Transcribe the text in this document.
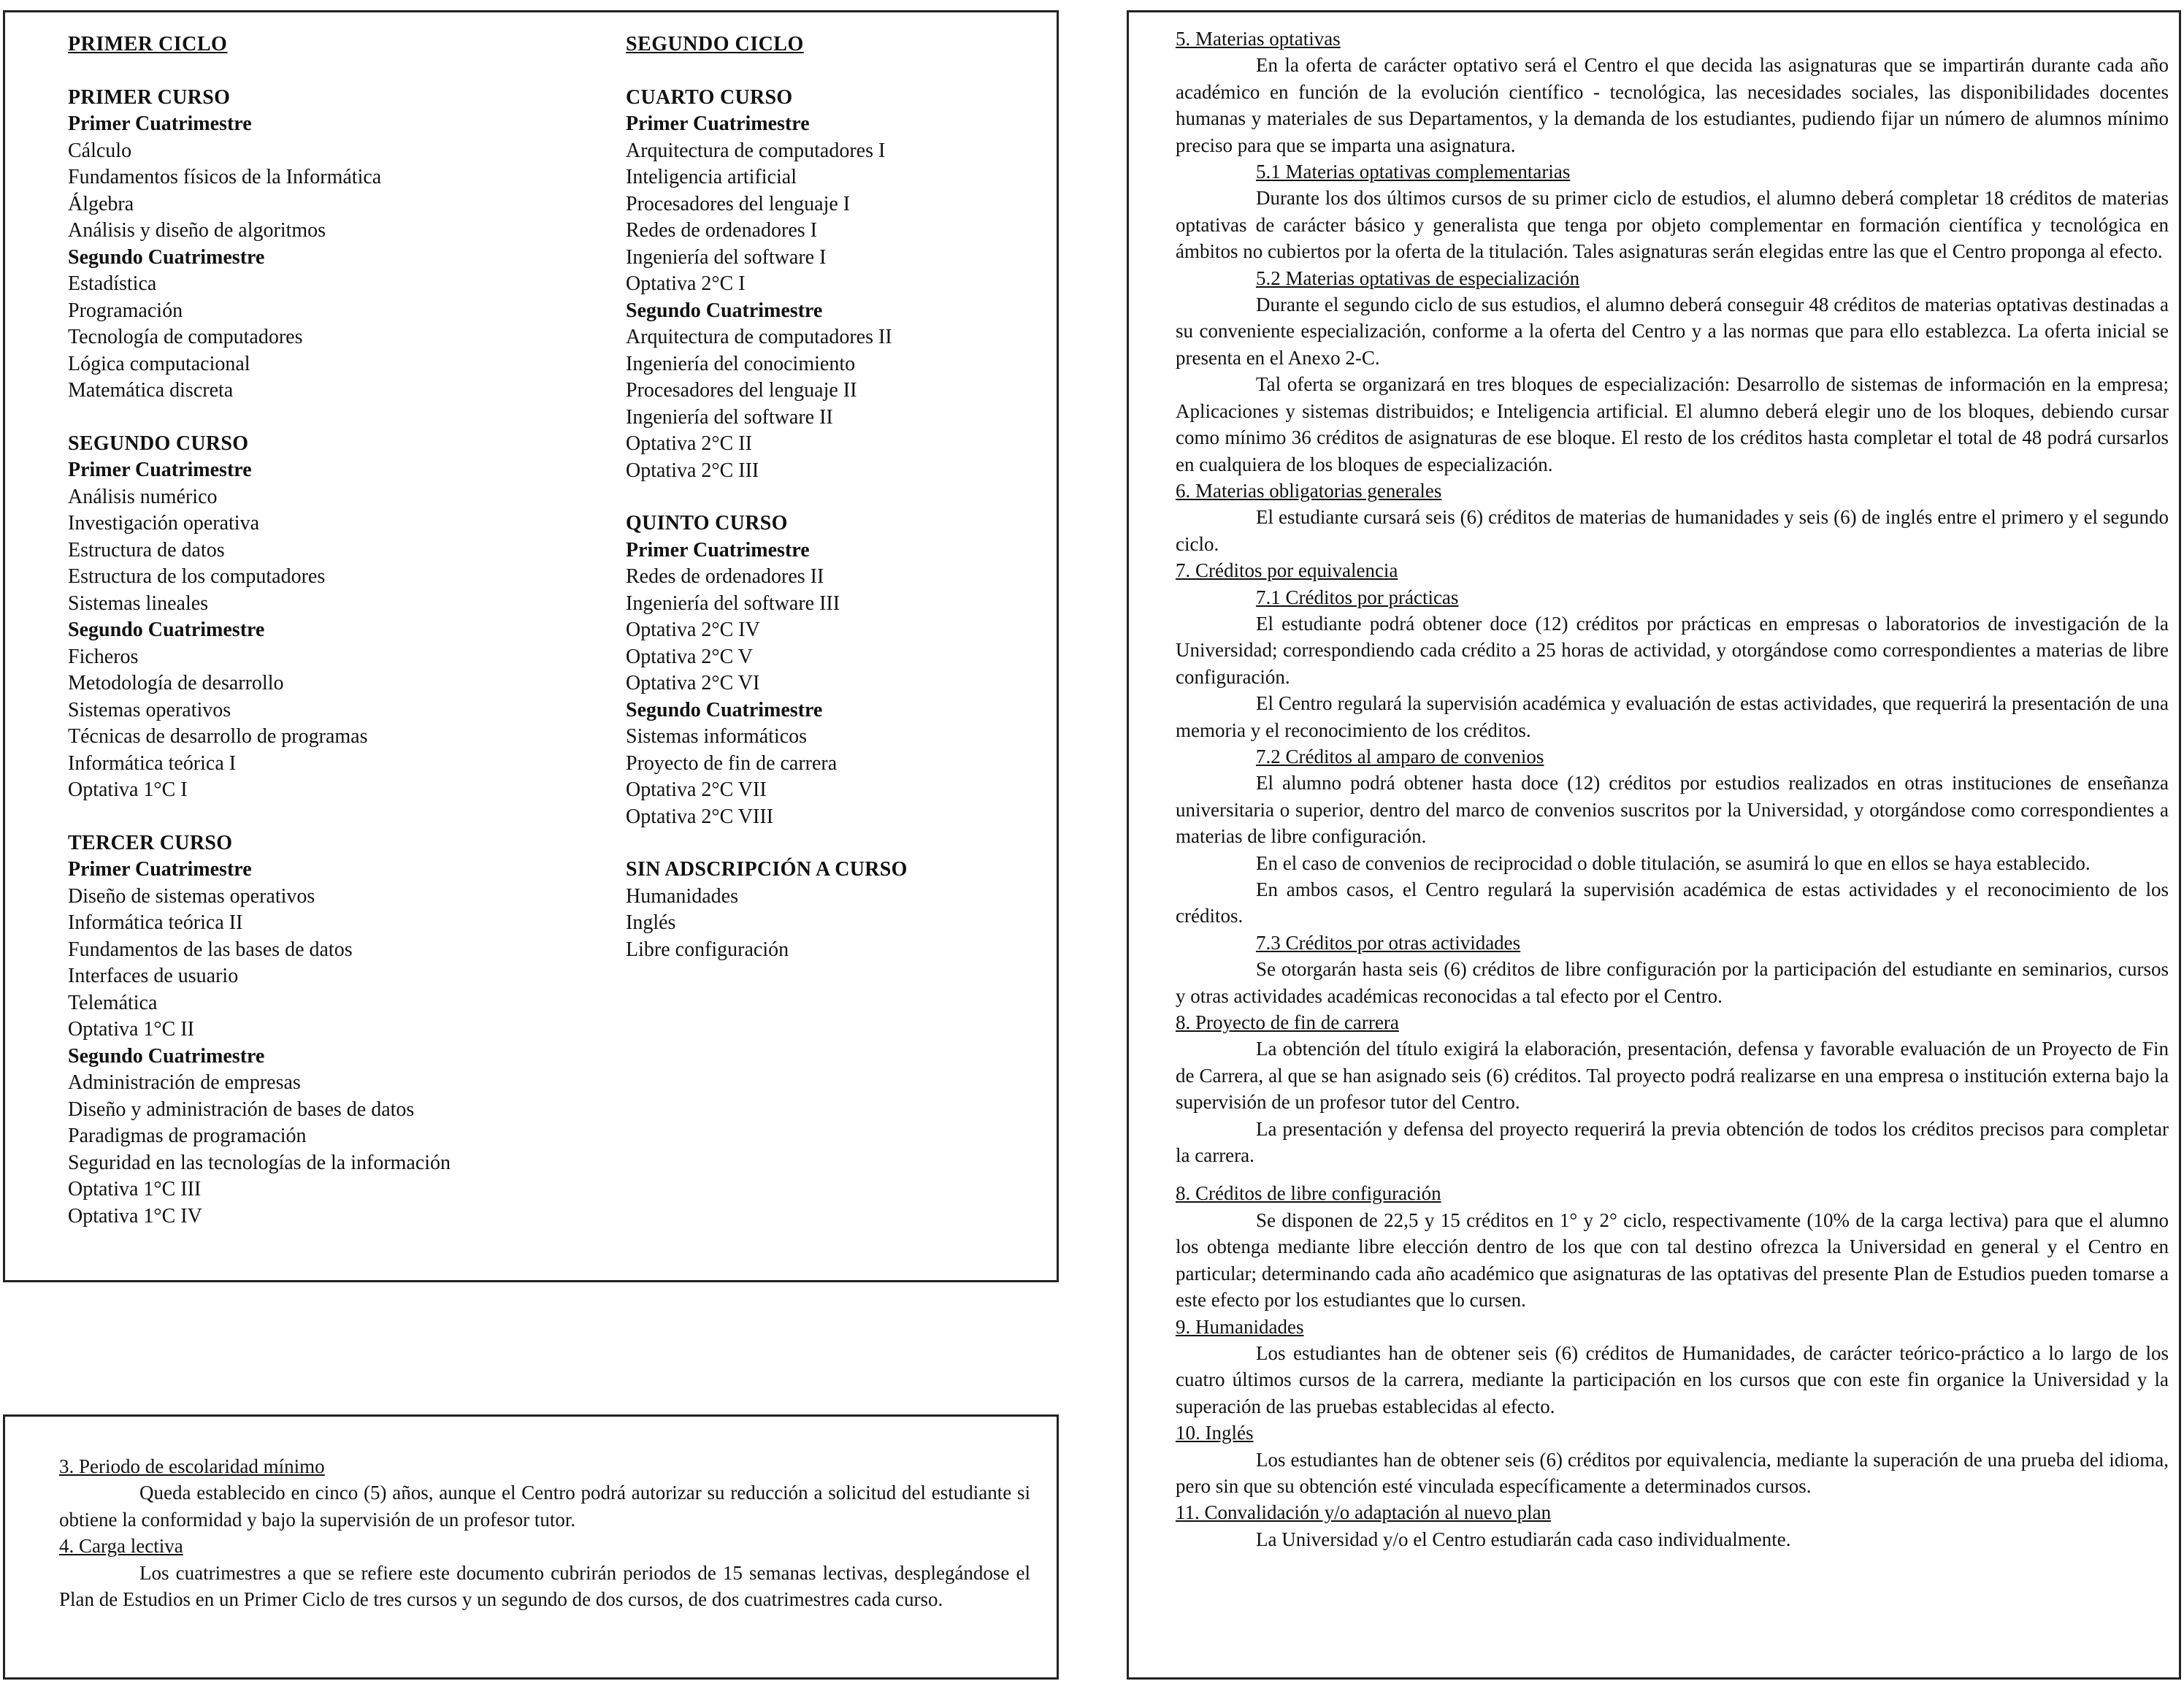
PRIMER CICLO
PRIMER CURSO
Primer Cuatrimestre
Cálculo
Fundamentos físicos de la Informática
Álgebra
Análisis y diseño de algoritmos
Segundo Cuatrimestre
Estadística
Programación
Tecnología de computadores
Lógica computacional
Matemática discreta
SEGUNDO CURSO
Primer Cuatrimestre
Análisis numérico
Investigación operativa
Estructura de datos
Estructura de los computadores
Sistemas lineales
Segundo Cuatrimestre
Ficheros
Metodología de desarrollo
Sistemas operativos
Técnicas de desarrollo de programas
Informática teórica I
Optativa 1°C I
TERCER CURSO
Primer Cuatrimestre
Diseño de sistemas operativos
Informática teórica II
Fundamentos de las bases de datos
Interfaces de usuario
Telemática
Optativa 1°C II
Segundo Cuatrimestre
Administración de empresas
Diseño y administración de bases de datos
Paradigmas de programación
Seguridad en las tecnologías de la información
Optativa 1°C III
Optativa 1°C IV
SEGUNDO CICLO
CUARTO CURSO
Primer Cuatrimestre
Arquitectura de computadores I
Inteligencia artificial
Procesadores del lenguaje I
Redes de ordenadores I
Ingeniería del software I
Optativa 2°C I
Segundo Cuatrimestre
Arquitectura de computadores II
Ingeniería del conocimiento
Procesadores del lenguaje II
Ingeniería del software II
Optativa 2°C II
Optativa 2°C III
QUINTO CURSO
Primer Cuatrimestre
Redes de ordenadores II
Ingeniería del software III
Optativa 2°C IV
Optativa 2°C V
Optativa 2°C VI
Segundo Cuatrimestre
Sistemas informáticos
Proyecto de fin de carrera
Optativa 2°C VII
Optativa 2°C VIII
SIN ADSCRIPCIÓN A CURSO
Humanidades
Inglés
Libre configuración
3. Periodo de escolaridad mínimo
Queda establecido en cinco (5) años, aunque el Centro podrá autorizar su reducción a solicitud del estudiante si obtiene la conformidad y bajo la supervisión de un profesor tutor.
4. Carga lectiva
Los cuatrimestres a que se refiere este documento cubrirán periodos de 15 semanas lectivas, desplegándose el Plan de Estudios en un Primer Ciclo de tres cursos y un segundo de dos cursos, de dos cuatrimestres cada curso.
5. Materias optativas
En la oferta de carácter optativo será el Centro el que decida las asignaturas que se impartirán durante cada año académico en función de la evolución científico - tecnológica, las necesidades sociales, las disponibilidades docentes humanas y materiales de sus Departamentos, y la demanda de los estudiantes, pudiendo fijar un número de alumnos mínimo preciso para que se imparta una asignatura.
5.1 Materias optativas complementarias
Durante los dos últimos cursos de su primer ciclo de estudios, el alumno deberá completar 18 créditos de materias optativas de carácter básico y generalista que tenga por objeto complementar en formación científica y tecnológica en ámbitos no cubiertos por la oferta de la titulación. Tales asignaturas serán elegidas entre las que el Centro proponga al efecto.
5.2 Materias optativas de especialización
Durante el segundo ciclo de sus estudios, el alumno deberá conseguir 48 créditos de materias optativas destinadas a su conveniente especialización, conforme a la oferta del Centro y a las normas que para ello establezca. La oferta inicial se presenta en el Anexo 2-C.
Tal oferta se organizará en tres bloques de especialización: Desarrollo de sistemas de información en la empresa; Aplicaciones y sistemas distribuidos; e Inteligencia artificial. El alumno deberá elegir uno de los bloques, debiendo cursar como mínimo 36 créditos de asignaturas de ese bloque. El resto de los créditos hasta completar el total de 48 podrá cursarlos en cualquiera de los bloques de especialización.
6. Materias obligatorias generales
El estudiante cursará seis (6) créditos de materias de humanidades y seis (6) de inglés entre el primero y el segundo ciclo.
7. Créditos por equivalencia
7.1 Créditos por prácticas
El estudiante podrá obtener doce (12) créditos por prácticas en empresas o laboratorios de investigación de la Universidad; correspondiendo cada crédito a 25 horas de actividad, y otorgándose como correspondientes a materias de libre configuración.
El Centro regulará la supervisión académica y evaluación de estas actividades, que requerirá la presentación de una memoria y el reconocimiento de los créditos.
7.2 Créditos al amparo de convenios
El alumno podrá obtener hasta doce (12) créditos por estudios realizados en otras instituciones de enseñanza universitaria o superior, dentro del marco de convenios suscritos por la Universidad, y otorgándose como correspondientes a materias de libre configuración.
En el caso de convenios de reciprocidad o doble titulación, se asumirá lo que en ellos se haya establecido.
En ambos casos, el Centro regulará la supervisión académica de estas actividades y el reconocimiento de los créditos.
7.3 Créditos por otras actividades
Se otorgarán hasta seis (6) créditos de libre configuración por la participación del estudiante en seminarios, cursos y otras actividades académicas reconocidas a tal efecto por el Centro.
8. Proyecto de fin de carrera
La obtención del título exigirá la elaboración, presentación, defensa y favorable evaluación de un Proyecto de Fin de Carrera, al que se han asignado seis (6) créditos. Tal proyecto podrá realizarse en una empresa o institución externa bajo la supervisión de un profesor tutor del Centro.
La presentación y defensa del proyecto requerirá la previa obtención de todos los créditos precisos para completar la carrera.
8. Créditos de libre configuración
Se disponen de 22,5 y 15 créditos en 1° y 2° ciclo, respectivamente (10% de la carga lectiva) para que el alumno los obtenga mediante libre elección dentro de los que con tal destino ofrezca la Universidad en general y el Centro en particular; determinando cada año académico que asignaturas de las optativas del presente Plan de Estudios pueden tomarse a este efecto por los estudiantes que lo cursen.
9. Humanidades
Los estudiantes han de obtener seis (6) créditos de Humanidades, de carácter teórico-práctico a lo largo de los cuatro últimos cursos de la carrera, mediante la participación en los cursos que con este fin organice la Universidad y la superación de las pruebas establecidas al efecto.
10. Inglés
Los estudiantes han de obtener seis (6) créditos por equivalencia, mediante la superación de una prueba del idioma, pero sin que su obtención esté vinculada específicamente a determinados cursos.
11. Convalidación y/o adaptación al nuevo plan
La Universidad y/o el Centro estudiarán cada caso individualmente.
